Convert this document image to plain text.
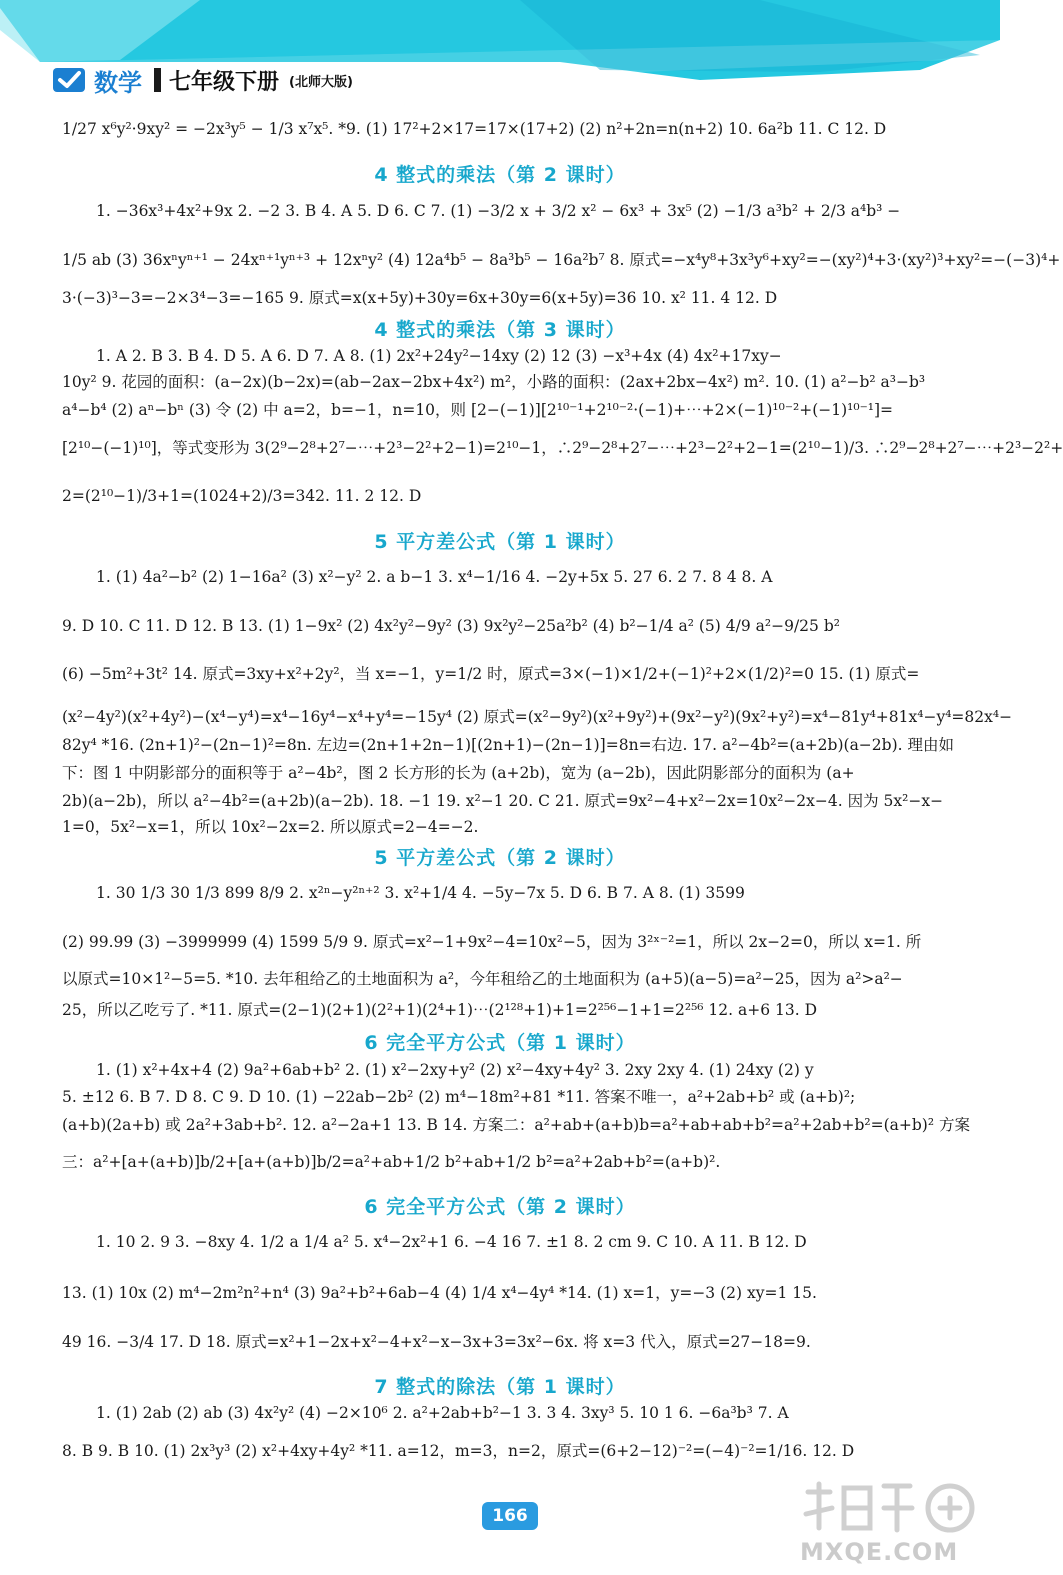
数学 七年级下册 (北师大版)
1/27 x⁶y²·9xy² = −2x³y⁵ − 1/3 x⁷x⁵. *9. (1) 17²+2×17=17×(17+2) (2) n²+2n=n(n+2) 10. 6a²b 11. C 12. D
4 整式的乘法（第 2 课时）
1. −36x³+4x²+9x 2. −2 3. B 4. A 5. D 6. C 7. (1) −3/2 x + 3/2 x² − 6x³ + 3x⁵ (2) −1/3 a³b² + 2/3 a⁴b³ −
1/5 ab (3) 36xⁿyⁿ⁺¹ − 24xⁿ⁺¹yⁿ⁺³ + 12xⁿy² (4) 12a⁴b⁵ − 8a³b⁵ − 16a²b⁷ 8. 原式=−x⁴y⁸+3x³y⁶+xy²=−(xy²)⁴+3·(xy²)³+xy²=−(−3)⁴+
3·(−3)³−3=−2×3⁴−3=−165 9. 原式=x(x+5y)+30y=6x+30y=6(x+5y)=36 10. x² 11. 4 12. D
4 整式的乘法（第 3 课时）
1. A 2. B 3. B 4. D 5. A 6. D 7. A 8. (1) 2x²+24y²−14xy (2) 12 (3) −x³+4x (4) 4x²+17xy−
10y² 9. 花园的面积：(a−2x)(b−2x)=(ab−2ax−2bx+4x²) m²，小路的面积：(2ax+2bx−4x²) m². 10. (1) a²−b² a³−b³
a⁴−b⁴ (2) aⁿ−bⁿ (3) 令 (2) 中 a=2，b=−1，n=10，则 [2−(−1)][2¹⁰⁻¹+2¹⁰⁻²·(−1)+⋯+2×(−1)¹⁰⁻²+(−1)¹⁰⁻¹]=
[2¹⁰−(−1)¹⁰]，等式变形为 3(2⁹−2⁸+2⁷−⋯+2³−2²+2−1)=2¹⁰−1，∴2⁹−2⁸+2⁷−⋯+2³−2²+2−1=(2¹⁰−1)/3. ∴2⁹−2⁸+2⁷−⋯+2³−2²+
2=(2¹⁰−1)/3+1=(1024+2)/3=342. 11. 2 12. D
5 平方差公式（第 1 课时）
1. (1) 4a²−b² (2) 1−16a² (3) x²−y² 2. a b−1 3. x⁴−1/16 4. −2y+5x 5. 27 6. 2 7. 8 4 8. A
9. D 10. C 11. D 12. B 13. (1) 1−9x² (2) 4x²y²−9y² (3) 9x²y²−25a²b² (4) b²−1/4 a² (5) 4/9 a²−9/25 b²
(6) −5m²+3t² 14. 原式=3xy+x²+2y²，当 x=−1，y=1/2 时，原式=3×(−1)×1/2+(−1)²+2×(1/2)²=0 15. (1) 原式=
(x²−4y²)(x²+4y²)−(x⁴−y⁴)=x⁴−16y⁴−x⁴+y⁴=−15y⁴ (2) 原式=(x²−9y²)(x²+9y²)+(9x²−y²)(9x²+y²)=x⁴−81y⁴+81x⁴−y⁴=82x⁴−
82y⁴ *16. (2n+1)²−(2n−1)²=8n. 左边=(2n+1+2n−1)[(2n+1)−(2n−1)]=8n=右边. 17. a²−4b²=(a+2b)(a−2b). 理由如
下：图 1 中阴影部分的面积等于 a²−4b²，图 2 长方形的长为 (a+2b)，宽为 (a−2b)，因此阴影部分的面积为 (a+
2b)(a−2b)，所以 a²−4b²=(a+2b)(a−2b). 18. −1 19. x²−1 20. C 21. 原式=9x²−4+x²−2x=10x²−2x−4. 因为 5x²−x−
1=0，5x²−x=1，所以 10x²−2x=2. 所以原式=2−4=−2.
5 平方差公式（第 2 课时）
1. 30 1/3 30 1/3 899 8/9 2. x²ⁿ−y²ⁿ⁺² 3. x²+1/4 4. −5y−7x 5. D 6. B 7. A 8. (1) 3599
(2) 99.99 (3) −3999999 (4) 1599 5/9 9. 原式=x²−1+9x²−4=10x²−5，因为 3²ˣ⁻²=1，所以 2x−2=0，所以 x=1. 所
以原式=10×1²−5=5. *10. 去年租给乙的土地面积为 a²，今年租给乙的土地面积为 (a+5)(a−5)=a²−25，因为 a²>a²−
25，所以乙吃亏了. *11. 原式=(2−1)(2+1)(2²+1)(2⁴+1)⋯(2¹²⁸+1)+1=2²⁵⁶−1+1=2²⁵⁶ 12. a+6 13. D
6 完全平方公式（第 1 课时）
1. (1) x²+4x+4 (2) 9a²+6ab+b² 2. (1) x²−2xy+y² (2) x²−4xy+4y² 3. 2xy 2xy 4. (1) 24xy (2) y
5. ±12 6. B 7. D 8. C 9. D 10. (1) −22ab−2b² (2) m⁴−18m²+81 *11. 答案不唯一，a²+2ab+b² 或 (a+b)²;
(a+b)(2a+b) 或 2a²+3ab+b². 12. a²−2a+1 13. B 14. 方案二：a²+ab+(a+b)b=a²+ab+ab+b²=a²+2ab+b²=(a+b)² 方案
三：a²+[a+(a+b)]b/2+[a+(a+b)]b/2=a²+ab+1/2 b²+ab+1/2 b²=a²+2ab+b²=(a+b)².
6 完全平方公式（第 2 课时）
1. 10 2. 9 3. −8xy 4. 1/2 a 1/4 a² 5. x⁴−2x²+1 6. −4 16 7. ±1 8. 2 cm 9. C 10. A 11. B 12. D
13. (1) 10x (2) m⁴−2m²n²+n⁴ (3) 9a²+b²+6ab−4 (4) 1/4 x⁴−4y⁴ *14. (1) x=1，y=−3 (2) xy=1 15.
49 16. −3/4 17. D 18. 原式=x²+1−2x+x²−4+x²−x−3x+3=3x²−6x. 将 x=3 代入，原式=27−18=9.
7 整式的除法（第 1 课时）
1. (1) 2ab (2) ab (3) 4x²y² (4) −2×10⁶ 2. a²+2ab+b²−1 3. 3 4. 3xy³ 5. 10 1 6. −6a³b³ 7. A
8. B 9. B 10. (1) 2x³y³ (2) x²+4xy+4y² *11. a=12，m=3，n=2，原式=(6+2−12)⁻²=(−4)⁻²=1/16. 12. D
166
MXQE.COM
